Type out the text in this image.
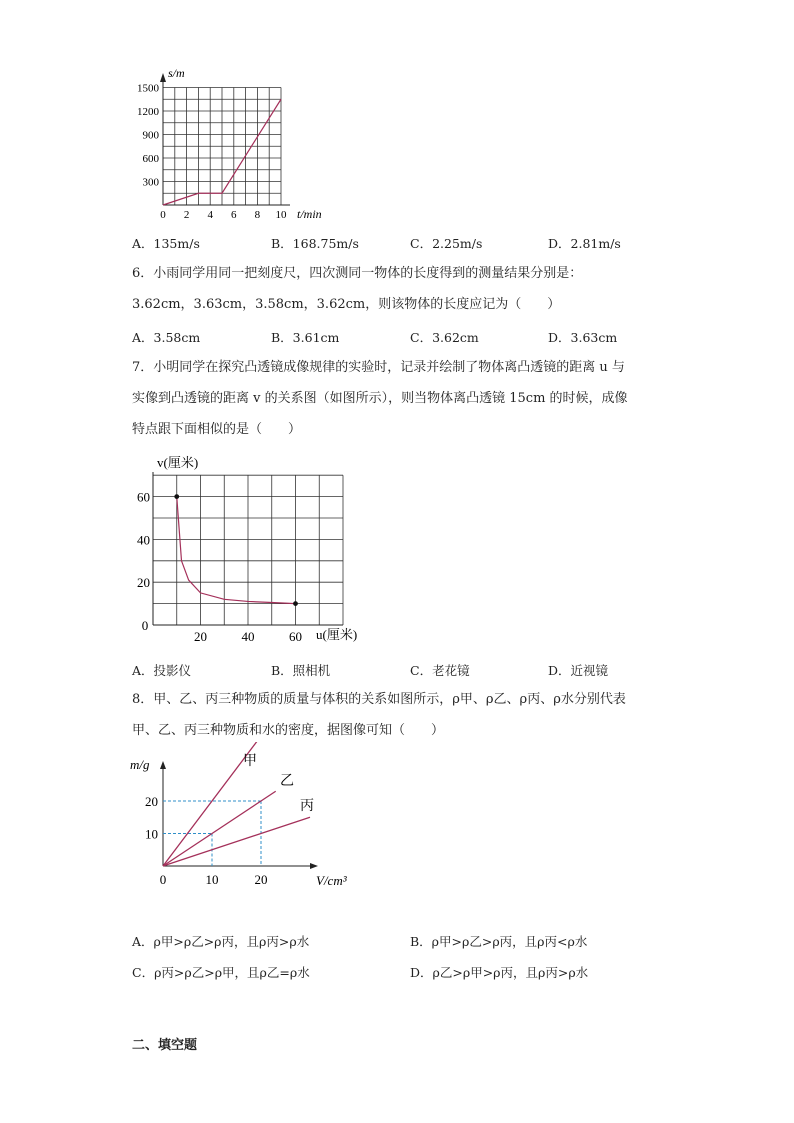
300
600
900
1200
1500
0 2 4 6 8 10
s/m
t/min
A．135m/s	B．168.75m/s	C．2.25m/s	D．2.81m/s
6．小雨同学用同一把刻度尺，四次测同一物体的长度得到的测量结果分别是：
3.62cm，3.63cm，3.58cm，3.62cm，则该物体的长度应记为（　　）
A．3.58cm	B．3.61cm	C．3.62cm	D．3.63cm
7．小明同学在探究凸透镜成像规律的实验时，记录并绘制了物体离凸透镜的距离 u 与
实像到凸透镜的距离 v 的关系图（如图所示），则当物体离凸透镜 15cm 的时候，成像
特点跟下面相似的是（　　）
20
40
60
0
20	40	60
v(厘米)
u(厘米)
A．投影仪	B．照相机	C．老花镜	D．近视镜
8．甲、乙、丙三种物质的质量与体积的关系如图所示，ρ甲、ρ乙、ρ丙、ρ水分别代表
甲、乙、丙三种物质和水的密度，据图像可知（　　）
10
20
0	10	20
m/g
V/cm³
甲
乙
丙
A．ρ甲>ρ乙>ρ丙，且ρ丙>ρ水	B．ρ甲>ρ乙>ρ丙，且ρ丙<ρ水
C．ρ丙>ρ乙>ρ甲，且ρ乙=ρ水	D．ρ乙>ρ甲>ρ丙，且ρ丙>ρ水
二、填空题
